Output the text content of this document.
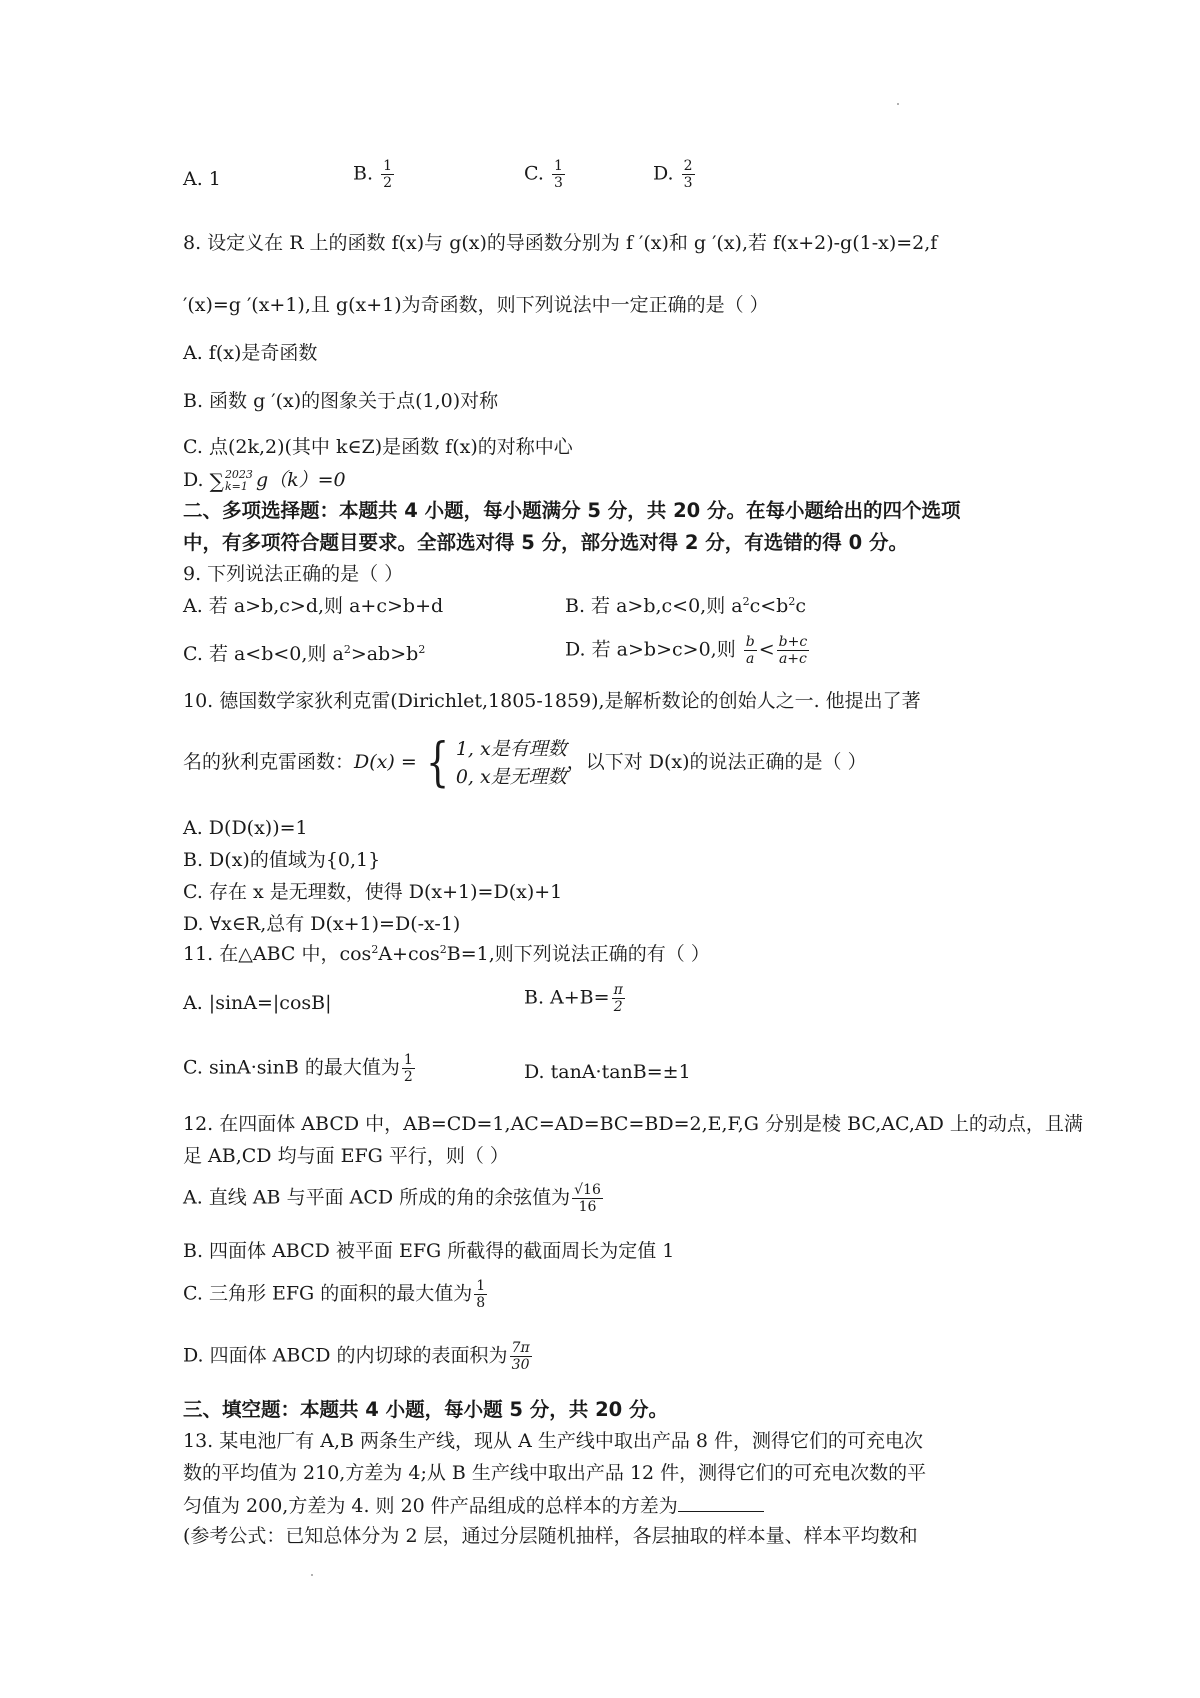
A. 1	B. $\frac{1}{2}$	C. $\frac{1}{3}$	D. $\frac{2}{3}$
8. 设定义在 R 上的函数 f(x)与 g(x)的导函数分别为 f ′(x)和 g ′(x),若 f(x+2)-g(1-x)=2,f
′(x)=g ′(x+1),且 g(x+1)为奇函数，则下列说法中一定正确的是（ ）
A. f(x)是奇函数
B. 函数 g ′(x)的图象关于点(1,0)对称
C. 点(2k,2)(其中 k∈Z)是函数 f(x)的对称中心
D. ∑ 2023
k=1 g（k）=0
二、多项选择题：本题共 4 小题，每小题满分 5 分，共 20 分。在每小题给出的四个选项
中，有多项符合题目要求。全部选对得 5 分，部分选对得 2 分，有选错的得 0 分。
9. 下列说法正确的是（ ）
A. 若 a>b,c>d,则 a+c>b+d	B. 若 a>b,c<0,则 $a^2c<b^2c$
C. 若 a<b<0,则 $a^2>ab>b^2$	D. 若 a>b>c>0,则 $\frac{b}{a} < \frac{b+c}{a+c}$
10. 德国数学家狄利克雷(Dirichlet,1805-1859),是解析数论的创始人之一. 他提出了著
名的狄利克雷函数：D(x) = { 1, x是有理数
0, x是无理数
，以下对 D(x)的说法正确的是（ ）
A. D(D(x))=1
B. D(x)的值域为{0,1}
C. 存在 x 是无理数，使得 D(x+1)=D(x)+1
D. ∀x∈R,总有 D(x+1)=D(-x-1)
11. 在△ABC 中，$\cos^2A+\cos^2B=1$,则下列说法正确的有（ ）
A. |sinA=|cosB|	B. $A+B= \frac{\pi}{2}$
C. sinA·sinB 的最大值为 $\frac{1}{2}$	D. tanA·tanB=±1
12. 在四面体 ABCD 中，AB=CD=1,AC=AD=BC=BD=2,E,F,G 分别是棱 BC,AC,AD 上的动点，且满
足 AB,CD 均与面 EFG 平行，则（ ）
A. 直线 AB 与平面 ACD 所成的角的余弦值为 $\frac{√16}{16}$
B. 四面体 ABCD 被平面 EFG 所截得的截面周长为定值 1
C. 三角形 EFG 的面积的最大值为 $\frac{1}{8}$
D. 四面体 ABCD 的内切球的表面积为 $\frac{7\pi}{30}$
三、填空题：本题共 4 小题，每小题 5 分，共 20 分。
13. 某电池厂有 A,B 两条生产线，现从 A 生产线中取出产品 8 件，测得它们的可充电次
数的平均值为 210,方差为 4;从 B 生产线中取出产品 12 件，测得它们的可充电次数的平
匀值为 200,方差为 4. 则 20 件产品组成的总样本的方差为
(参考公式：已知总体分为 2 层，通过分层随机抽样，各层抽取的样本量、样本平均数和
